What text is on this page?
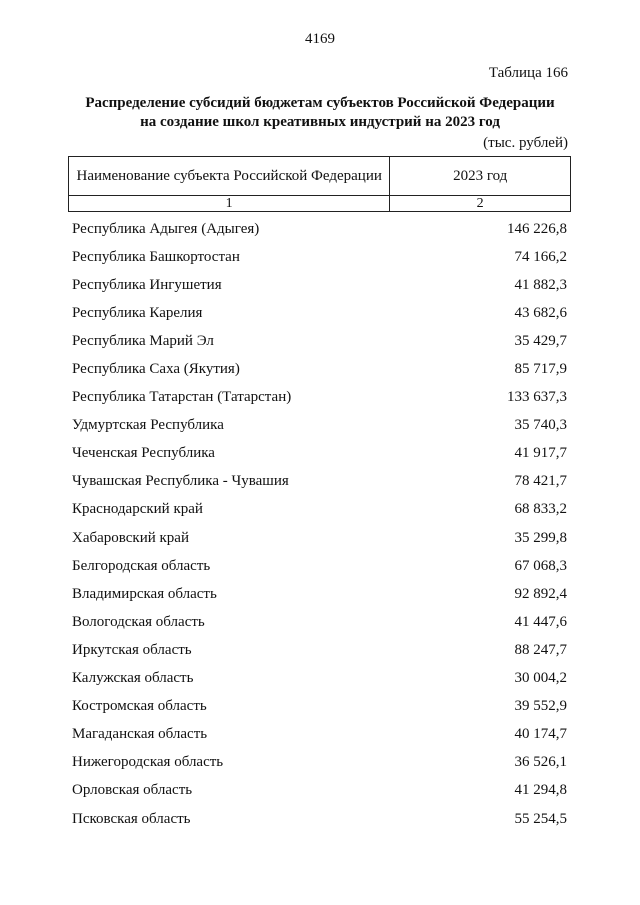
4169
Таблица 166
Распределение субсидий бюджетам субъектов Российской Федерации
на создание школ креативных индустрий на 2023 год
(тыс. рублей)
Наименование субъекта Российской Федерации	2023 год
1	2
Республика Адыгея (Адыгея)	146 226,8
Республика Башкортостан	74 166,2
Республика Ингушетия	41 882,3
Республика Карелия	43 682,6
Республика Марий Эл	35 429,7
Республика Саха (Якутия)	85 717,9
Республика Татарстан (Татарстан)	133 637,3
Удмуртская Республика	35 740,3
Чеченская Республика	41 917,7
Чувашская Республика - Чувашия	78 421,7
Краснодарский край	68 833,2
Хабаровский край	35 299,8
Белгородская область	67 068,3
Владимирская область	92 892,4
Вологодская область	41 447,6
Иркутская область	88 247,7
Калужская область	30 004,2
Костромская область	39 552,9
Магаданская область	40 174,7
Нижегородская область	36 526,1
Орловская область	41 294,8
Псковская область	55 254,5
